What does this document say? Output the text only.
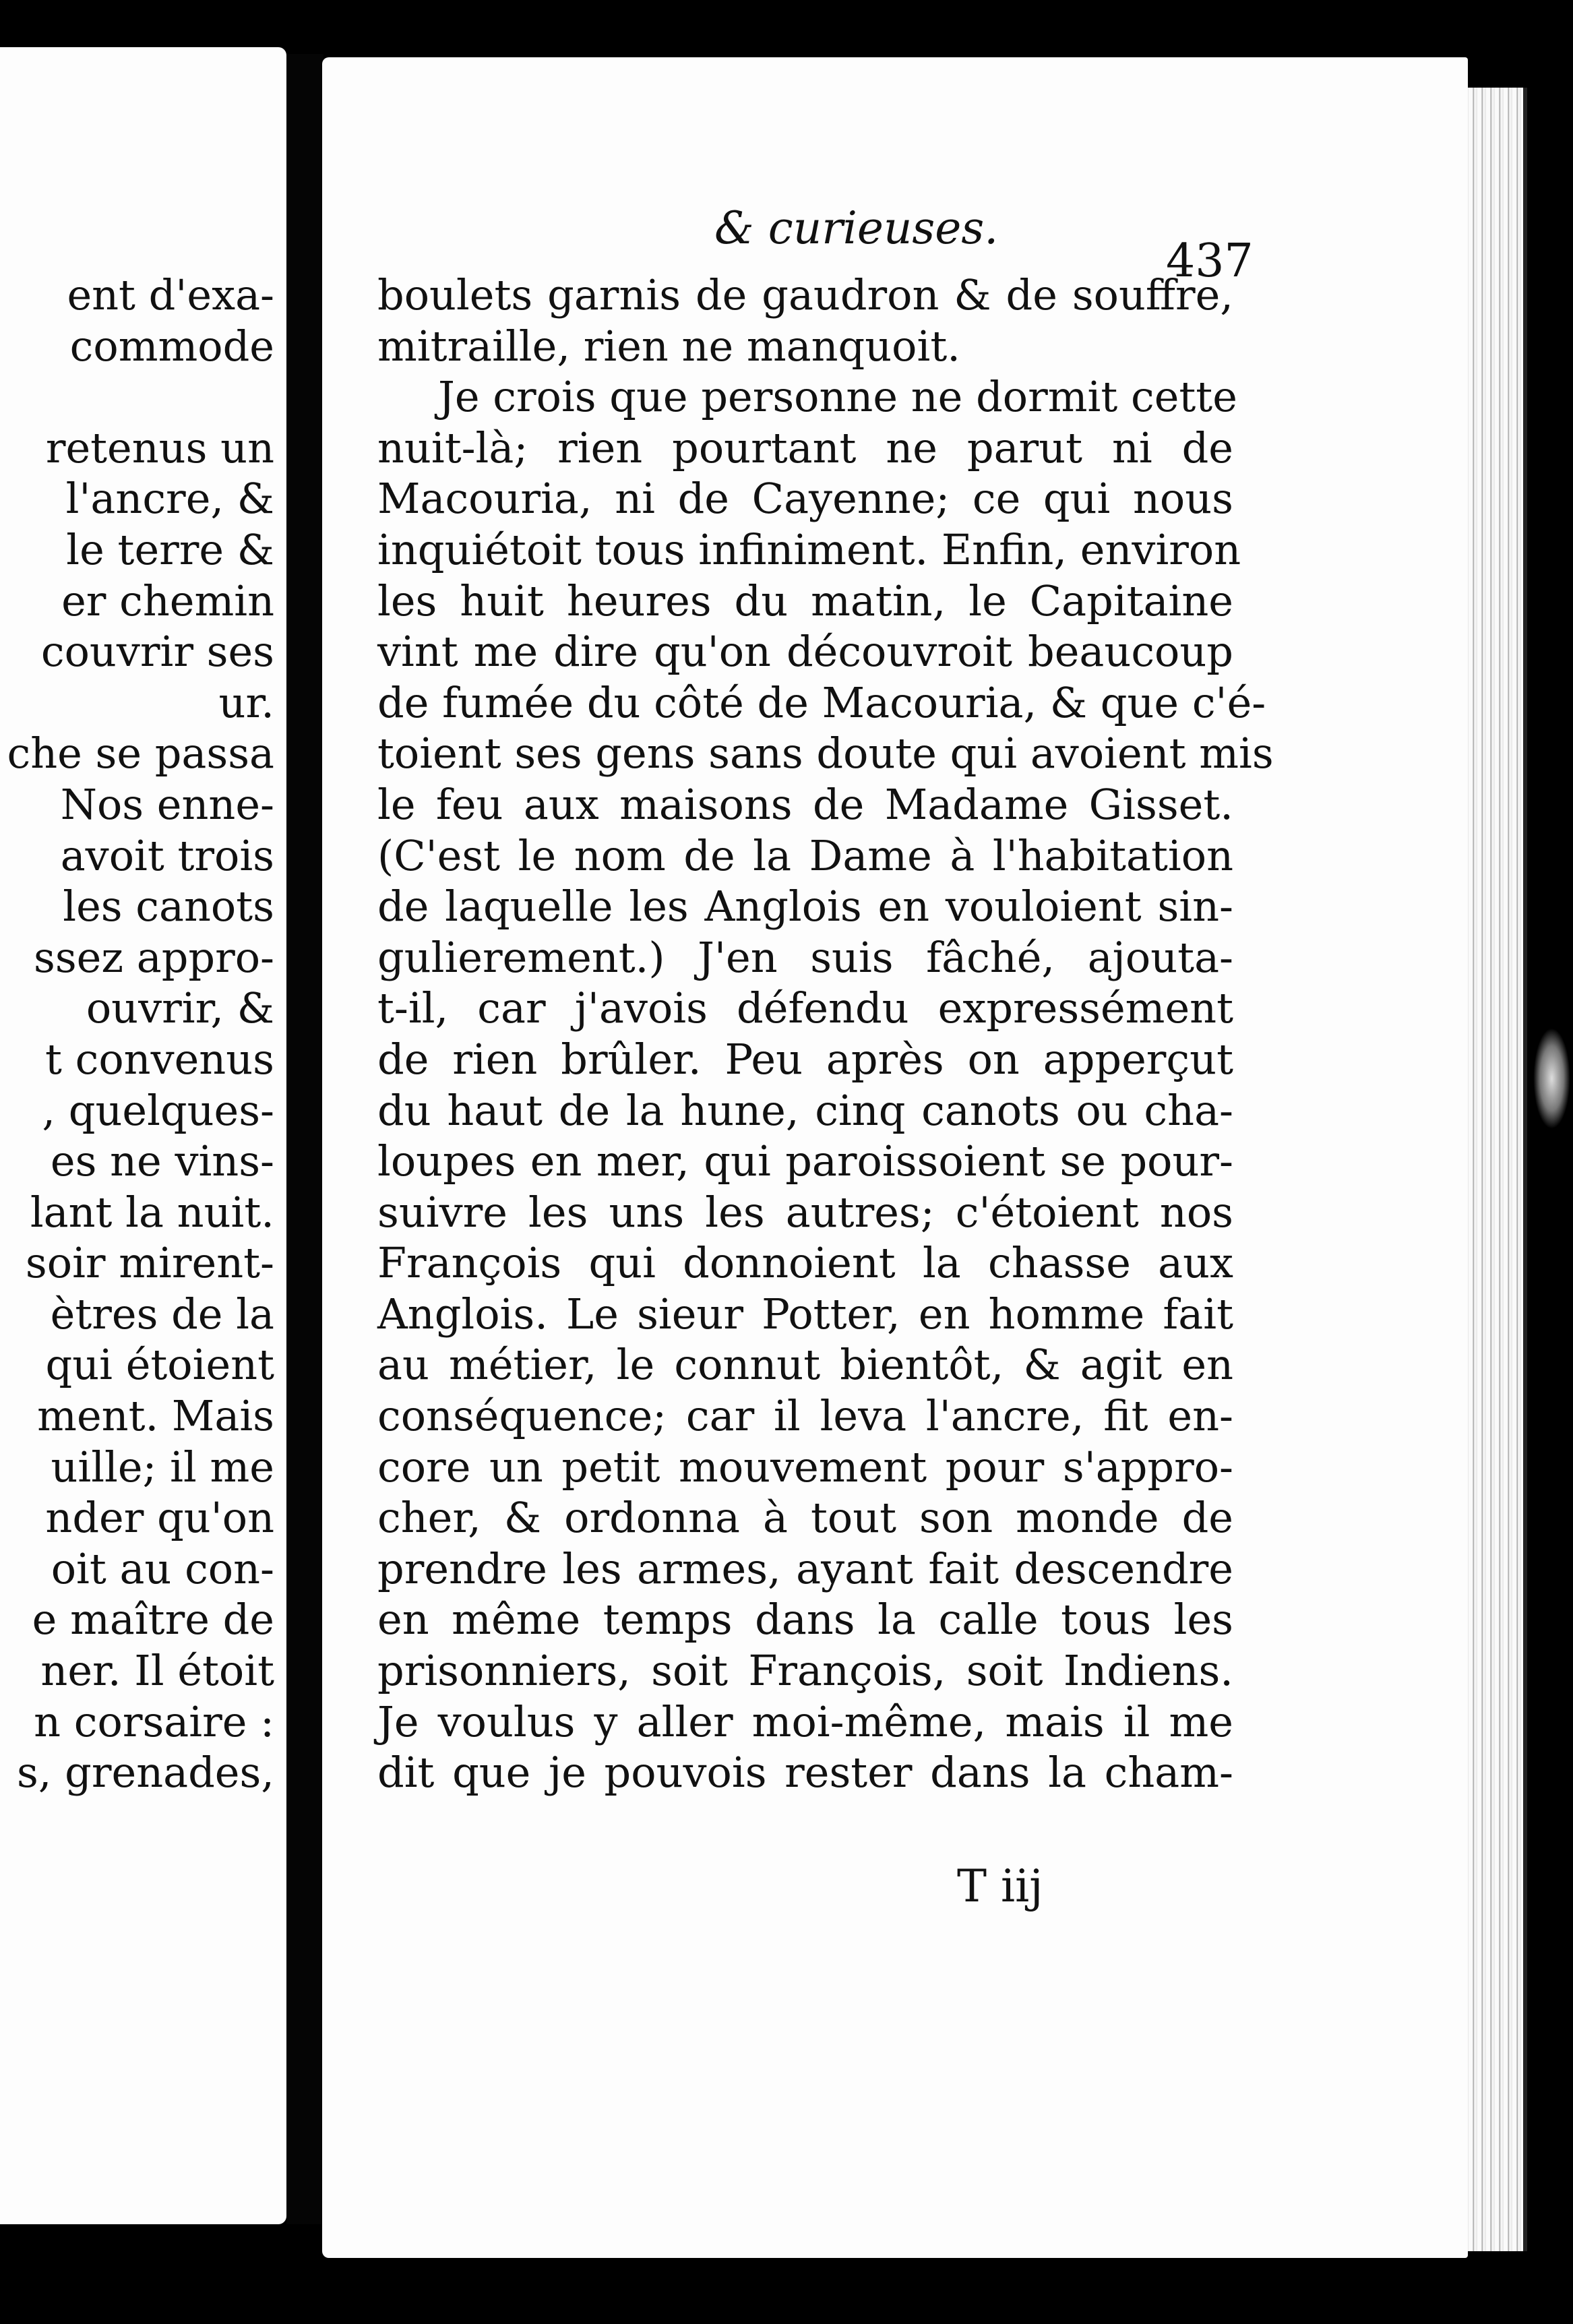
ent d'exa-
commode
retenus un
l'ancre, &
le terre &
er chemin
couvrir ses
ur.
che se passa
Nos enne-
avoit trois
les canots
ssez appro-
ouvrir, &
t convenus
, quelques-
es ne vins-
lant la nuit.
soir mirent-
ètres de la
qui étoient
ment. Mais
uille; il me
nder qu'on
oit au con-
e maître de
ner. Il étoit
n corsaire :
s, grenades,
& curieuses.
437
boulets garnis de gaudron & de souffre,
mitraille, rien ne manquoit.
Je crois que personne ne dormit cette
nuit-là; rien pourtant ne parut ni de
Macouria, ni de Cayenne; ce qui nous
inquiétoit tous infiniment. Enfin, environ
les huit heures du matin, le Capitaine
vint me dire qu'on découvroit beaucoup
de fumée du côté de Macouria, & que c'é-
toient ses gens sans doute qui avoient mis
le feu aux maisons de Madame Gisset.
(C'est le nom de la Dame à l'habitation
de laquelle les Anglois en vouloient sin-
gulierement.) J'en suis fâché, ajouta-
t-il, car j'avois défendu expressément
de rien brûler. Peu après on apperçut
du haut de la hune, cinq canots ou cha-
loupes en mer, qui paroissoient se pour-
suivre les uns les autres; c'étoient nos
François qui donnoient la chasse aux
Anglois. Le sieur Potter, en homme fait
au métier, le connut bientôt, & agit en
conséquence; car il leva l'ancre, fit en-
core un petit mouvement pour s'appro-
cher, & ordonna à tout son monde de
prendre les armes, ayant fait descendre
en même temps dans la calle tous les
prisonniers, soit François, soit Indiens.
Je voulus y aller moi-même, mais il me
dit que je pouvois rester dans la cham-
T iij
